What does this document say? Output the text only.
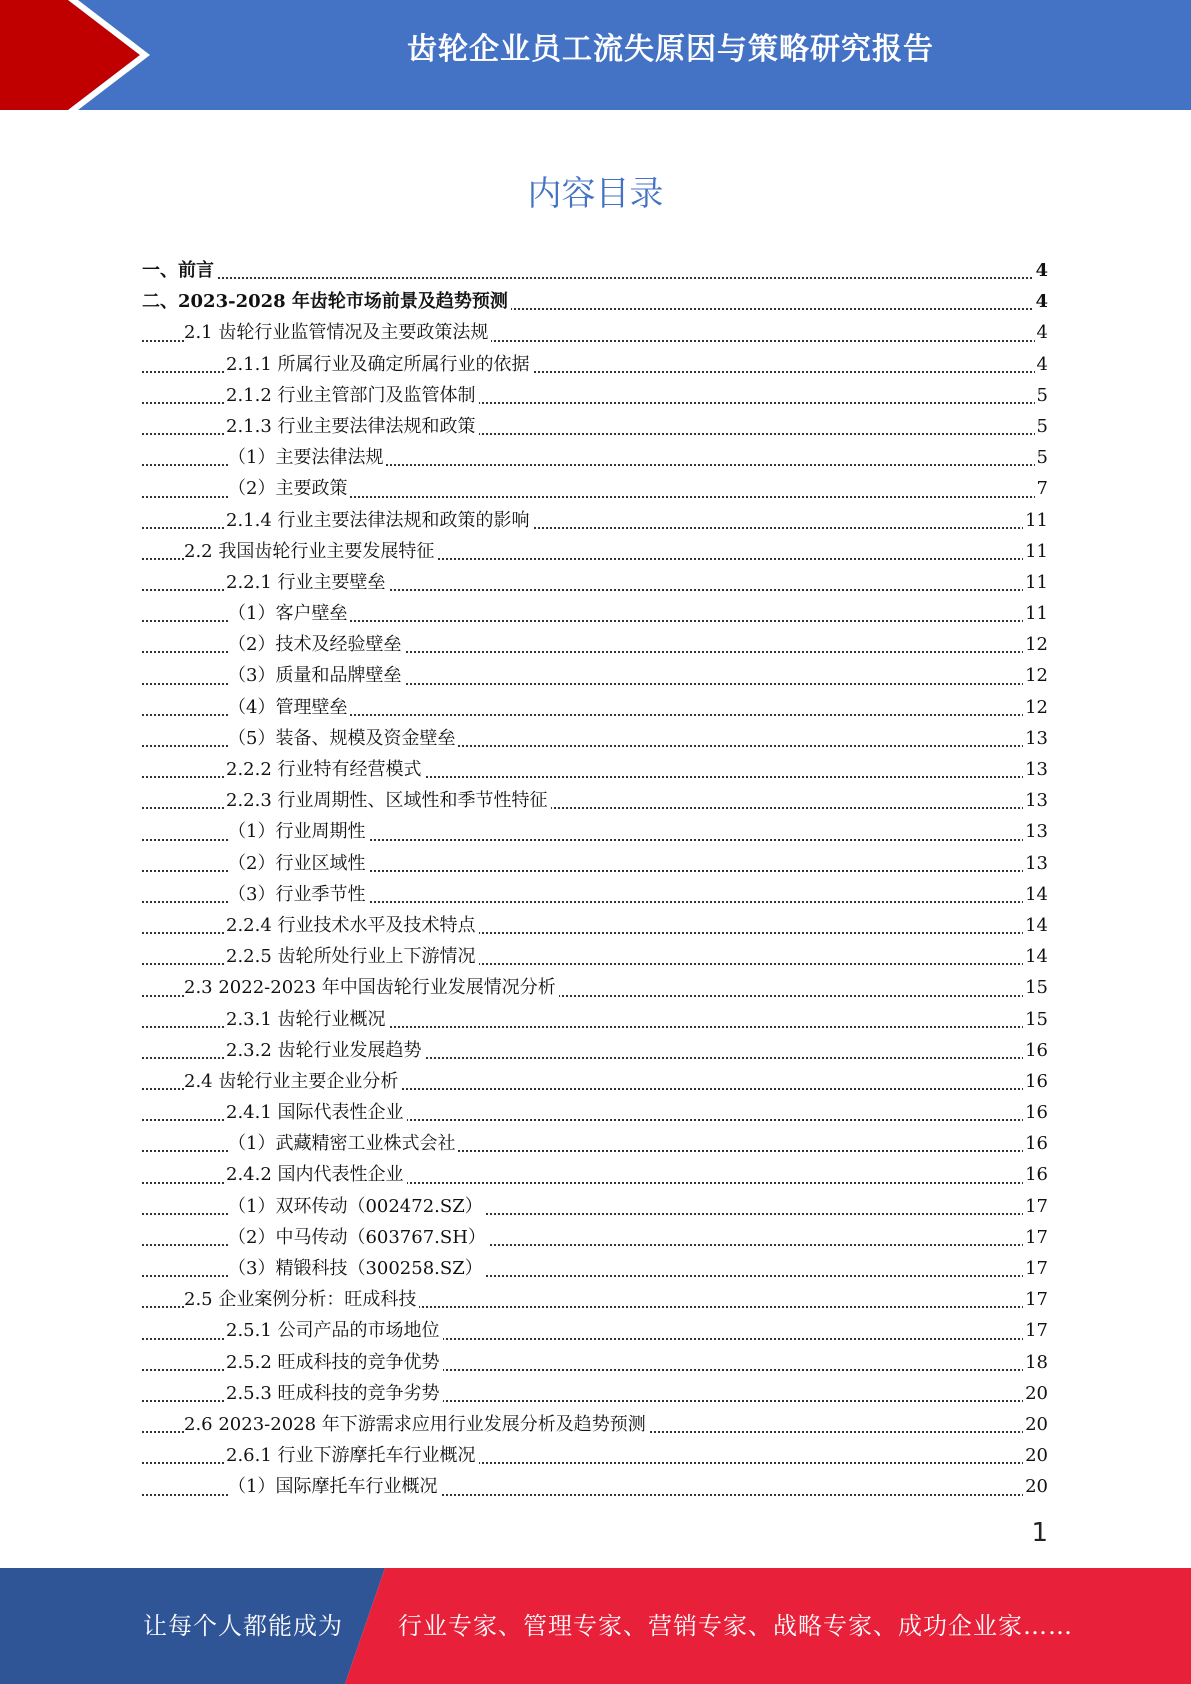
齿轮企业员工流失原因与策略研究报告
内容目录
一、前言	4
二、2023-2028 年齿轮市场前景及趋势预测	4
2.1 齿轮行业监管情况及主要政策法规	4
2.1.1 所属行业及确定所属行业的依据	4
2.1.2 行业主管部门及监管体制	5
2.1.3 行业主要法律法规和政策	5
（1）主要法律法规	5
（2）主要政策	7
2.1.4 行业主要法律法规和政策的影响	11
2.2 我国齿轮行业主要发展特征	11
2.2.1 行业主要壁垒	11
（1）客户壁垒	11
（2）技术及经验壁垒	12
（3）质量和品牌壁垒	12
（4）管理壁垒	12
（5）装备、规模及资金壁垒	13
2.2.2 行业特有经营模式	13
2.2.3 行业周期性、区域性和季节性特征	13
（1）行业周期性	13
（2）行业区域性	13
（3）行业季节性	14
2.2.4 行业技术水平及技术特点	14
2.2.5 齿轮所处行业上下游情况	14
2.3 2022-2023 年中国齿轮行业发展情况分析	15
2.3.1 齿轮行业概况	15
2.3.2 齿轮行业发展趋势	16
2.4 齿轮行业主要企业分析	16
2.4.1 国际代表性企业	16
（1）武藏精密工业株式会社	16
2.4.2 国内代表性企业	16
（1）双环传动（002472.SZ）	17
（2）中马传动（603767.SH）	17
（3）精锻科技（300258.SZ）	17
2.5 企业案例分析：旺成科技	17
2.5.1 公司产品的市场地位	17
2.5.2 旺成科技的竞争优势	18
2.5.3 旺成科技的竞争劣势	20
2.6 2023-2028 年下游需求应用行业发展分析及趋势预测	20
2.6.1 行业下游摩托车行业概况	20
（1）国际摩托车行业概况	20
1
让每个人都能成为 行业专家、管理专家、营销专家、战略专家、成功企业家……
